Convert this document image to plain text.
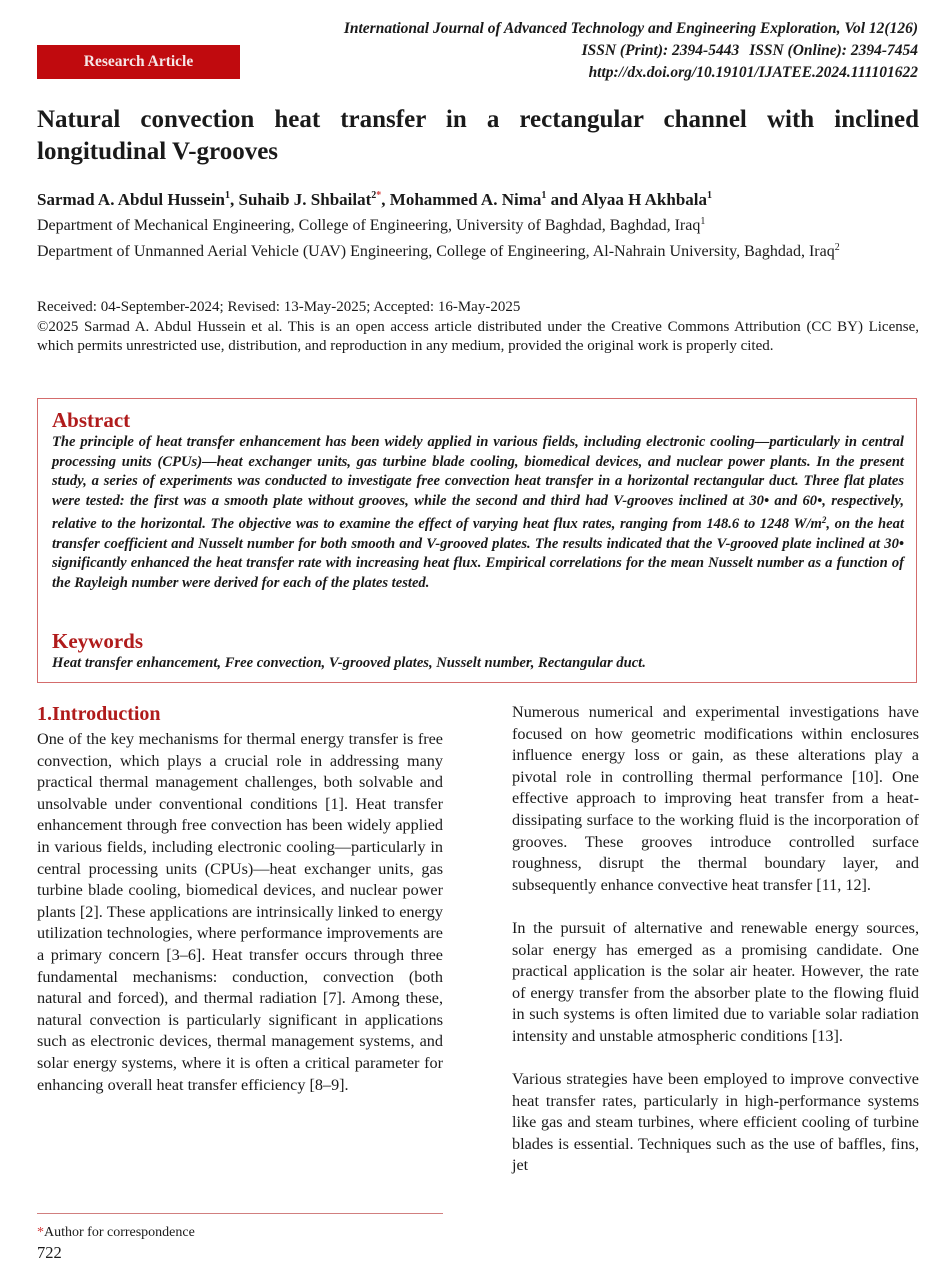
International Journal of Advanced Technology and Engineering Exploration, Vol 12(126)
ISSN (Print): 2394-5443 ISSN (Online): 2394-7454
http://dx.doi.org/10.19101/IJATEE.2024.111101622
Research Article
Natural convection heat transfer in a rectangular channel with inclined longitudinal V-grooves
Sarmad A. Abdul Hussein$^1$, Suhaib J. Shbailat$^{2*}$, Mohammed A. Nima$^1$ and Alyaa H Akhbala$^1$

Department of Mechanical Engineering, College of Engineering, University of Baghdad, Baghdad, Iraq$^1$

Department of Unmanned Aerial Vehicle (UAV) Engineering, College of Engineering, Al-Nahrain University, Baghdad, Iraq$^2$

Received: 04-September-2024; Revised: 13-May-2025; Accepted: 16-May-2025

©2025 Sarmad A. Abdul Hussein et al. This is an open access article distributed under the Creative Commons Attribution (CC BY) License, which permits unrestricted use, distribution, and reproduction in any medium, provided the original work is properly cited.

Abstract

The principle of heat transfer enhancement has been widely applied in various fields, including electronic cooling—particularly in central processing units (CPUs)—heat exchanger units, gas turbine blade cooling, biomedical devices, and nuclear power plants. In the present study, a series of experiments was conducted to investigate free convection heat transfer in a horizontal rectangular duct. Three flat plates were tested: the first was a smooth plate without grooves, while the second and third had V-grooves inclined at 30• and 60•, respectively, relative to the horizontal. The objective was to examine the effect of varying heat flux rates, ranging from 148.6 to 1248 $W/m^2$, on the heat transfer coefficient and Nusselt number for both smooth and V-grooved plates. The results indicated that the V-grooved plate inclined at 30• significantly enhanced the heat transfer rate with increasing heat flux. Empirical correlations for the mean Nusselt number as a function of the Rayleigh number were derived for each of the plates tested.

Keywords

Heat transfer enhancement, Free convection, V-grooved plates, Nusselt number, Rectangular duct.

1.Introduction

One of the key mechanisms for thermal energy transfer is free convection, which plays a crucial role in addressing many practical thermal management challenges, both solvable and unsolvable under conventional conditions [1]. Heat transfer enhancement through free convection has been widely applied in various fields, including electronic cooling—particularly in central processing units (CPUs)—heat exchanger units, gas turbine blade cooling, biomedical devices, and nuclear power plants [2]. These applications are intrinsically linked to energy utilization technologies, where performance improvements are a primary concern [3–6]. Heat transfer occurs through three fundamental mechanisms: conduction, convection (both natural and forced), and thermal radiation [7]. Among these, natural convection is particularly significant in applications such as electronic devices, thermal management systems, and solar energy systems, where it is often a critical parameter for enhancing overall heat transfer efficiency [8–9].

Numerous numerical and experimental investigations have focused on how geometric modifications within enclosures influence energy loss or gain, as these alterations play a pivotal role in controlling thermal performance [10]. One effective approach to improving heat transfer from a heat-dissipating surface to the working fluid is the incorporation of grooves. These grooves introduce controlled surface roughness, disrupt the thermal boundary layer, and subsequently enhance convective heat transfer [11, 12].

In the pursuit of alternative and renewable energy sources, solar energy has emerged as a promising candidate. One practical application is the solar air heater. However, the rate of energy transfer from the absorber plate to the flowing fluid in such systems is often limited due to variable solar radiation intensity and unstable atmospheric conditions [13].

Various strategies have been employed to improve convective heat transfer rates, particularly in high-performance systems like gas and steam turbines, where efficient cooling of turbine blades is essential. Techniques such as the use of baffles, fins, jet

*Author for correspondence
722
